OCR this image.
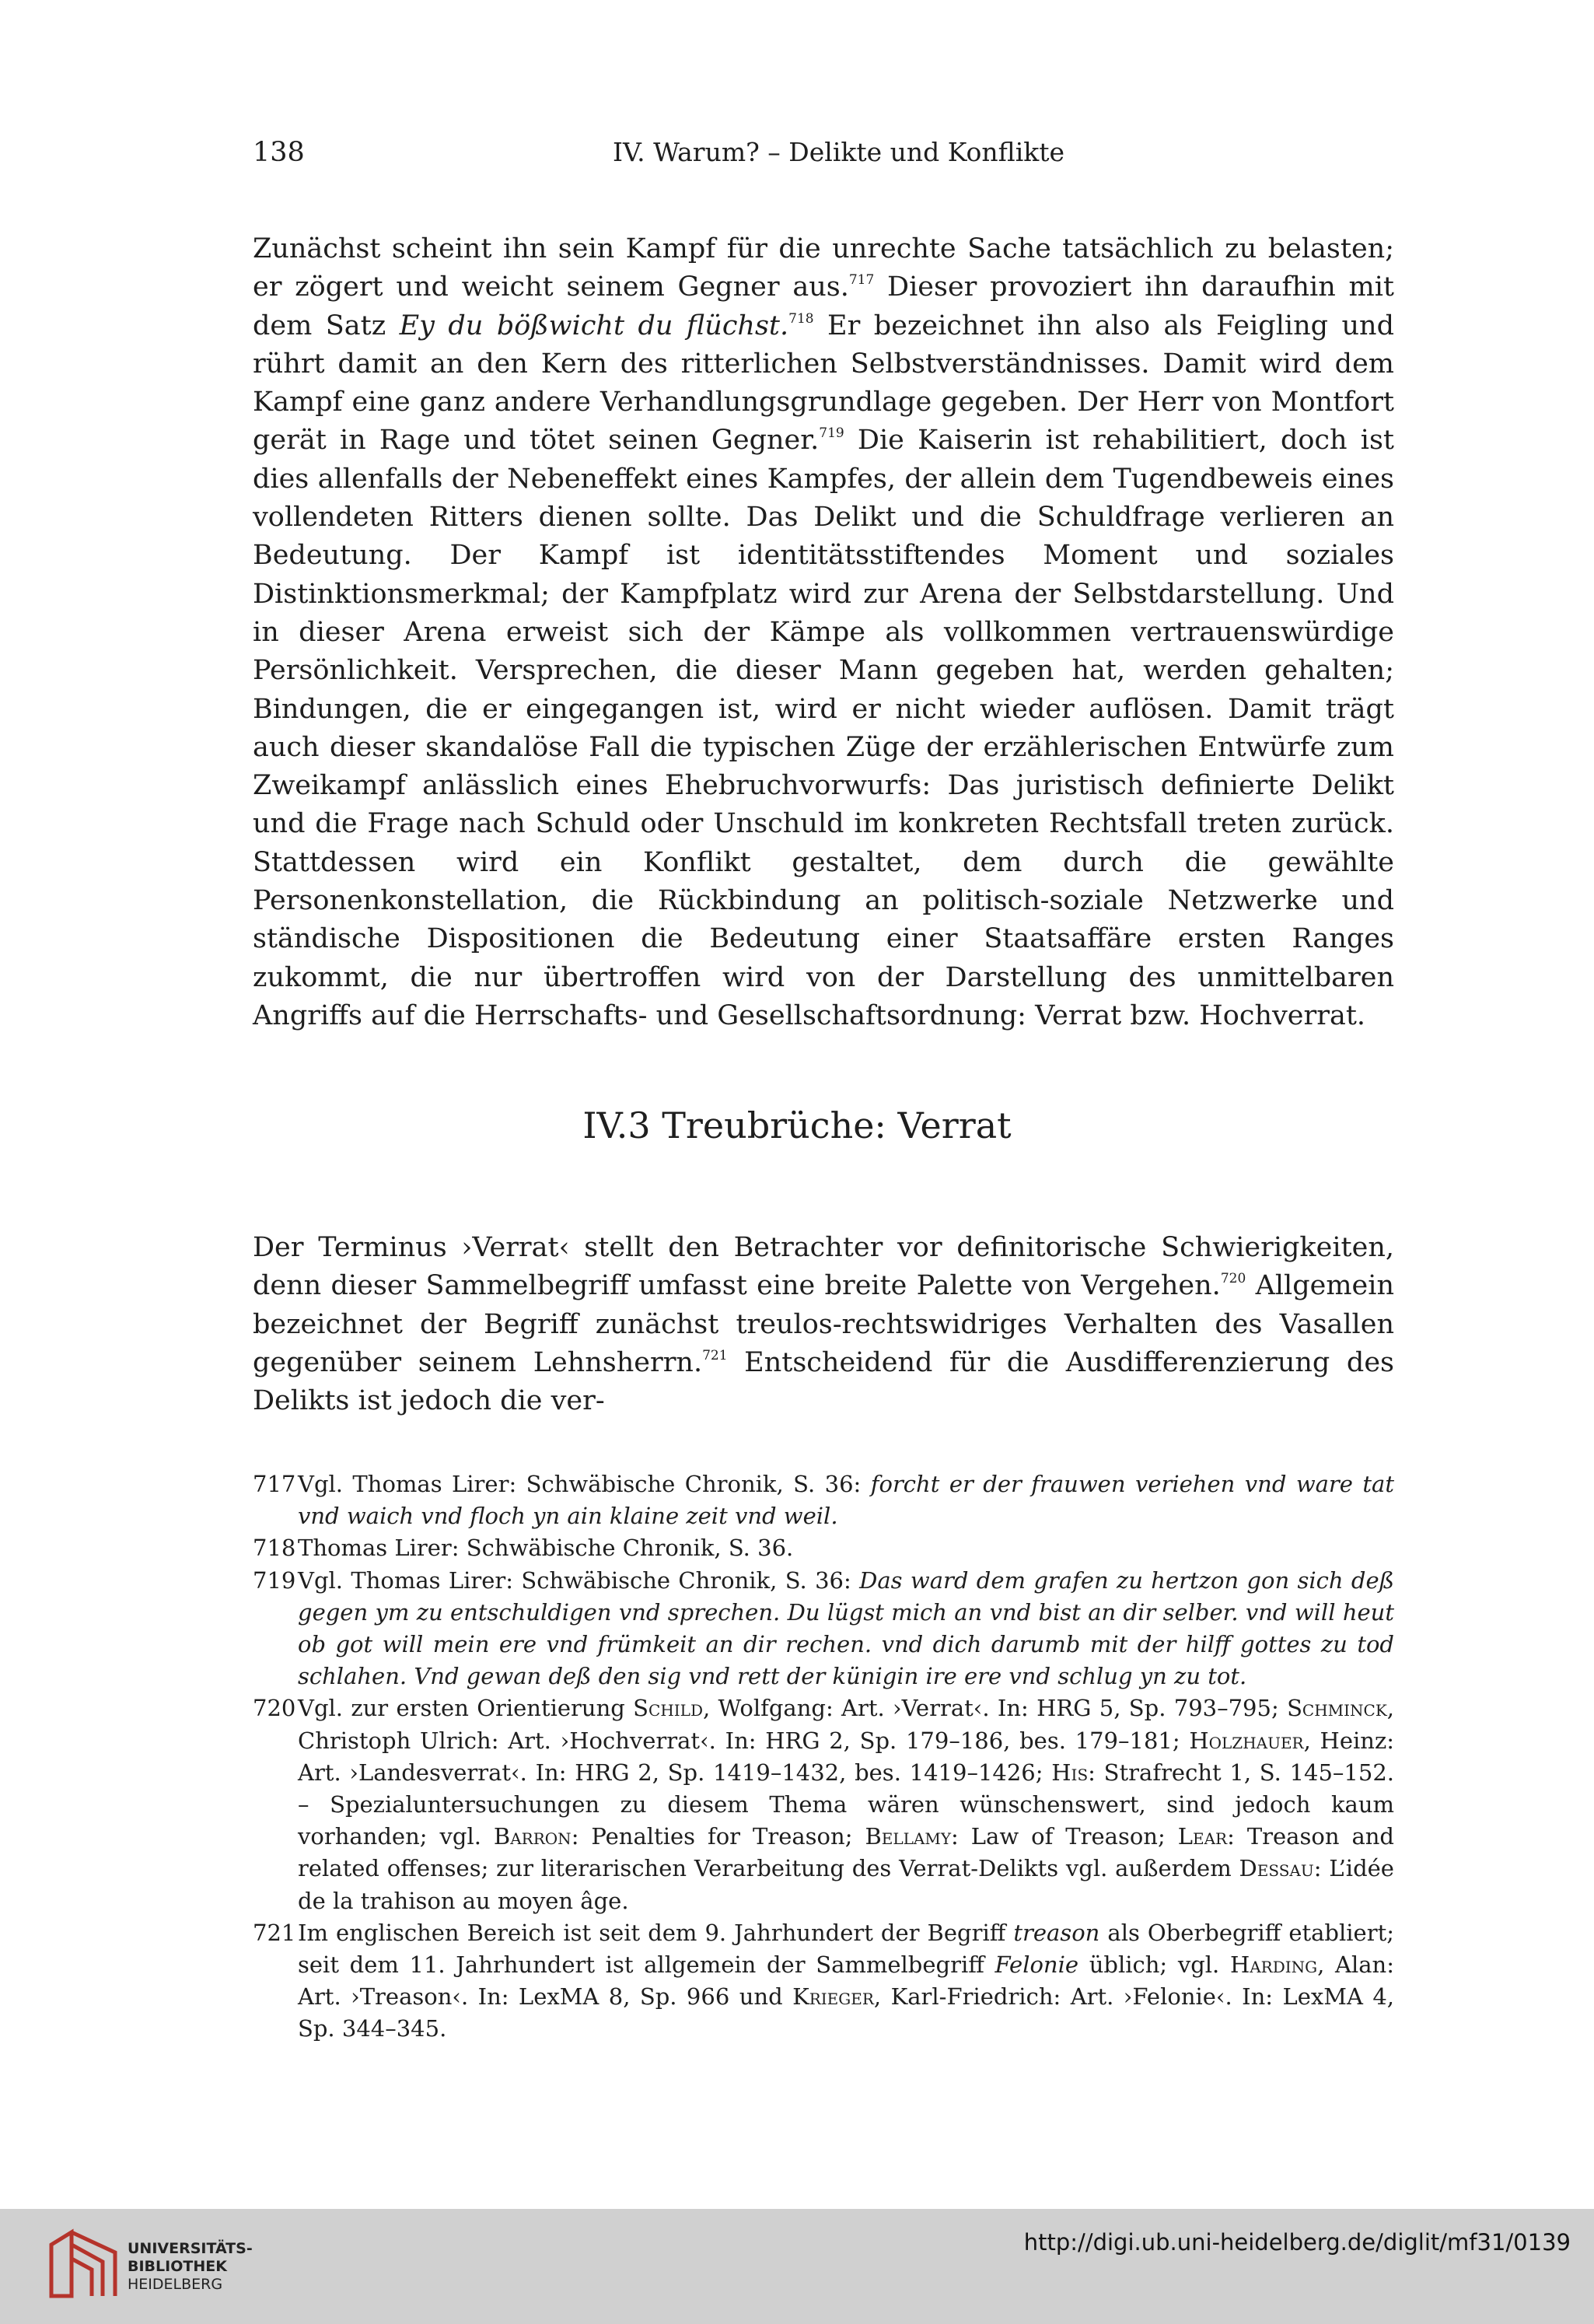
138	IV. Warum? – Delikte und Konflikte
Zunächst scheint ihn sein Kampf für die unrechte Sache tatsächlich zu belasten; er zögert und weicht seinem Gegner aus.$^{717}$ Dieser provoziert ihn daraufhin mit dem Satz Ey du bößwicht du flüchst.$^{718}$ Er bezeichnet ihn also als Feigling und rührt damit an den Kern des ritterlichen Selbstverständnisses. Damit wird dem Kampf eine ganz andere Verhandlungsgrundlage gegeben. Der Herr von Montfort gerät in Rage und tötet seinen Gegner.$^{719}$ Die Kaiserin ist rehabilitiert, doch ist dies allenfalls der Nebeneffekt eines Kampfes, der allein dem Tugendbeweis eines vollendeten Ritters dienen sollte. Das Delikt und die Schuldfrage verlieren an Bedeutung. Der Kampf ist identitätsstiftendes Moment und soziales Distinktionsmerkmal; der Kampfplatz wird zur Arena der Selbstdarstellung. Und in dieser Arena erweist sich der Kämpe als vollkommen vertrauenswürdige Persönlichkeit. Versprechen, die dieser Mann gegeben hat, werden gehalten; Bindungen, die er eingegangen ist, wird er nicht wieder auflösen. Damit trägt auch dieser skandalöse Fall die typischen Züge der erzählerischen Entwürfe zum Zweikampf anlässlich eines Ehebruchvorwurfs: Das juristisch definierte Delikt und die Frage nach Schuld oder Unschuld im konkreten Rechtsfall treten zurück. Stattdessen wird ein Konflikt gestaltet, dem durch die gewählte Personenkonstellation, die Rückbindung an politisch-soziale Netzwerke und ständische Dispositionen die Bedeutung einer Staatsaffäre ersten Ranges zukommt, die nur übertroffen wird von der Darstellung des unmittelbaren Angriffs auf die Herrschafts- und Gesellschaftsordnung: Verrat bzw. Hochverrat.
IV.3 Treubrüche: Verrat
Der Terminus ›Verrat‹ stellt den Betrachter vor definitorische Schwierigkeiten, denn dieser Sammelbegriff umfasst eine breite Palette von Vergehen.$^{720}$ Allgemein bezeichnet der Begriff zunächst treulos-rechtswidriges Verhalten des Vasallen gegenüber seinem Lehnsherrn.$^{721}$ Entscheidend für die Ausdifferenzierung des Delikts ist jedoch die ver-
717 Vgl. Thomas Lirer: Schwäbische Chronik, S. 36: forcht er der frauwen veriehen vnd ware tat vnd waich vnd floch yn ain klaine zeit vnd weil.
718 Thomas Lirer: Schwäbische Chronik, S. 36.
719 Vgl. Thomas Lirer: Schwäbische Chronik, S. 36: Das ward dem grafen zu hertzon gon sich deß gegen ym zu entschuldigen vnd sprechen. Du lügst mich an vnd bist an dir selber. vnd will heut ob got will mein ere vnd frümkeit an dir rechen. vnd dich darumb mit der hilff gottes zu tod schlahen. Vnd gewan deß den sig vnd rett der künigin ire ere vnd schlug yn zu tot.
720 Vgl. zur ersten Orientierung Schild, Wolfgang: Art. ›Verrat‹. In: HRG 5, Sp. 793–795; Schminck, Christoph Ulrich: Art. ›Hochverrat‹. In: HRG 2, Sp. 179–186, bes. 179–181; Holzhauer, Heinz: Art. ›Landesverrat‹. In: HRG 2, Sp. 1419–1432, bes. 1419–1426; His: Strafrecht 1, S. 145–152. – Spezialuntersuchungen zu diesem Thema wären wünschenswert, sind jedoch kaum vorhanden; vgl. Barron: Penalties for Treason; Bellamy: Law of Treason; Lear: Treason and related offenses; zur literarischen Verarbeitung des Verrat-Delikts vgl. außerdem Dessau: L’idée de la trahison au moyen âge.
721 Im englischen Bereich ist seit dem 9. Jahrhundert der Begriff treason als Oberbegriff etabliert; seit dem 11. Jahrhundert ist allgemein der Sammelbegriff Felonie üblich; vgl. Harding, Alan: Art. ›Treason‹. In: LexMA 8, Sp. 966 und Krieger, Karl-Friedrich: Art. ›Felonie‹. In: LexMA 4, Sp. 344–345.
UNIVERSITÄTS-
BIBLIOTHEK
HEIDELBERG
http://digi.ub.uni-heidelberg.de/diglit/mf31/0139
